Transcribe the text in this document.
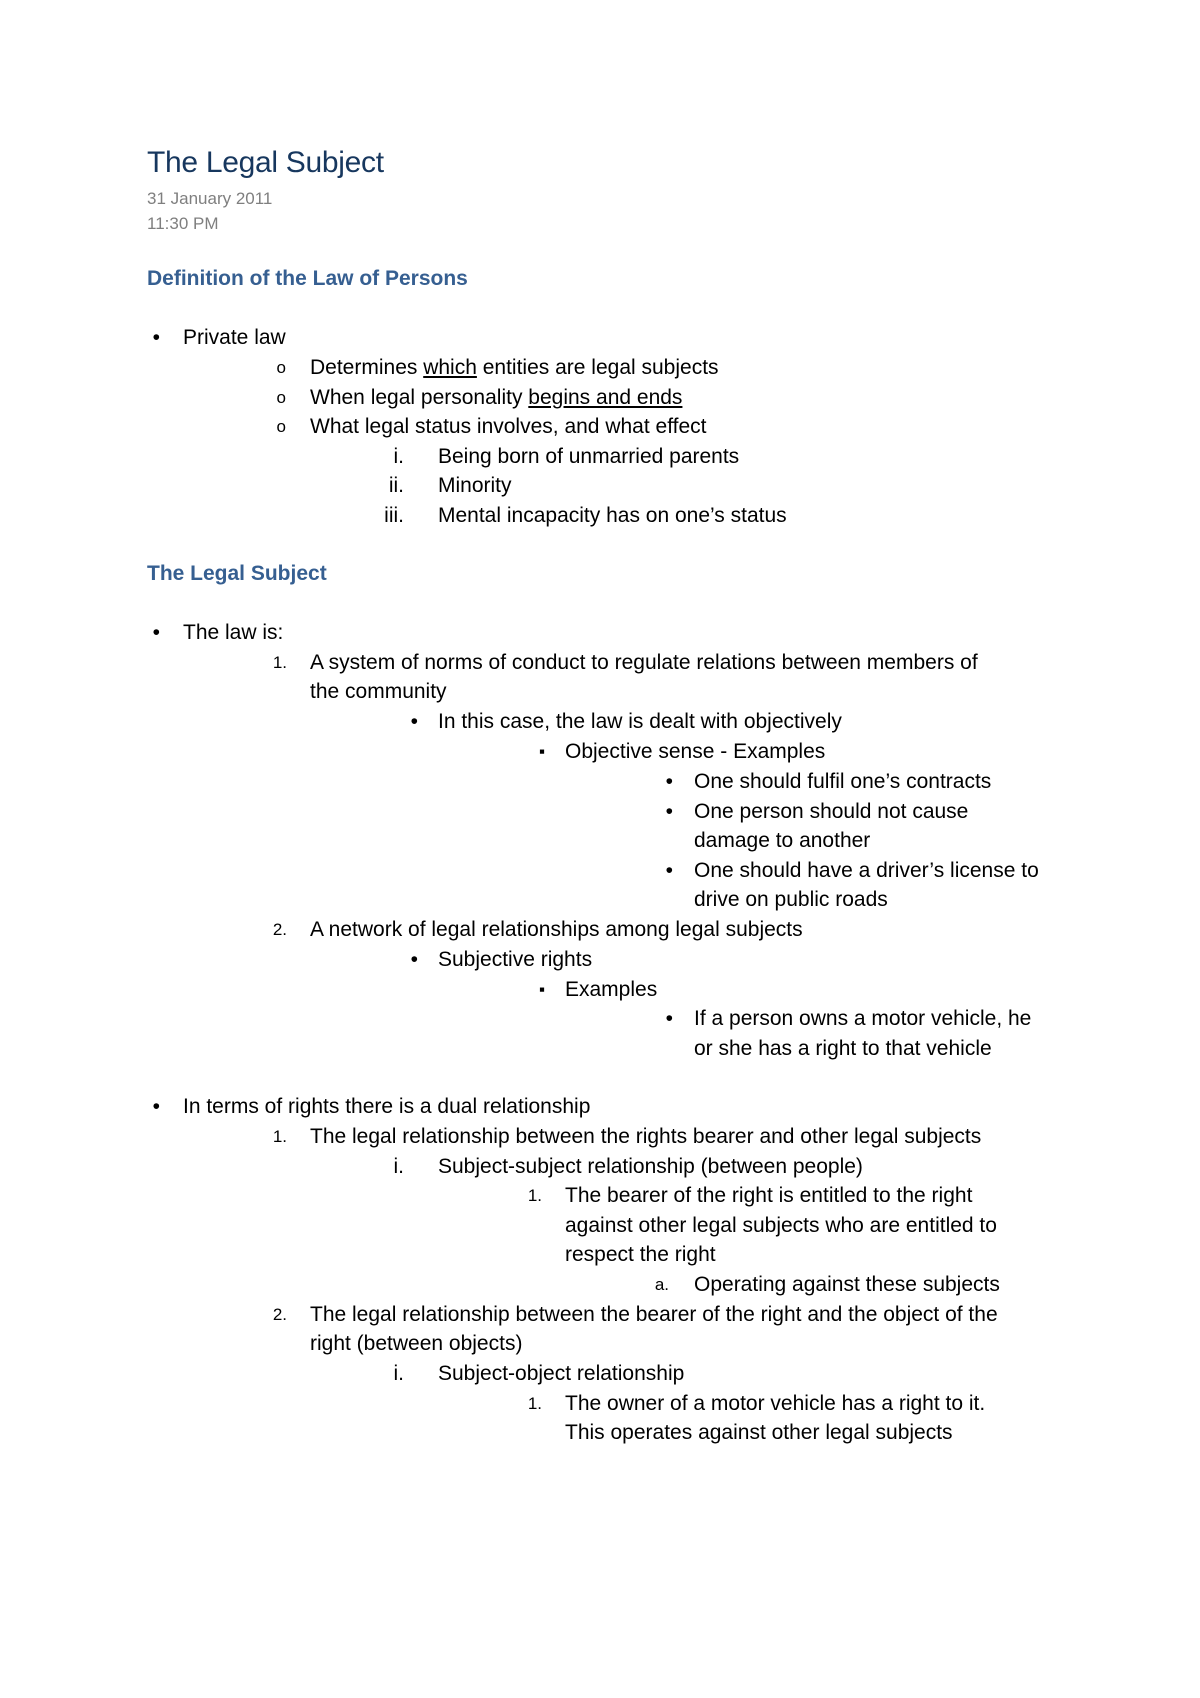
The Legal Subject
31 January 2011
11:30 PM
Definition of the Law of Persons
• Private law
o Determines which entities are legal subjects
o When legal personality begins and ends
o What legal status involves, and what effect
i. Being born of unmarried parents
ii. Minority
iii. Mental incapacity has on one’s status
The Legal Subject
• The law is:
1. A system of norms of conduct to regulate relations between members of
the community
• In this case, the law is dealt with objectively
▪ Objective sense - Examples
• One should fulfil one’s contracts
• One person should not cause
damage to another
• One should have a driver’s license to
drive on public roads
2. A network of legal relationships among legal subjects
• Subjective rights
▪ Examples
• If a person owns a motor vehicle, he
or she has a right to that vehicle
• In terms of rights there is a dual relationship
1. The legal relationship between the rights bearer and other legal subjects
i. Subject-subject relationship (between people)
1. The bearer of the right is entitled to the right
against other legal subjects who are entitled to
respect the right
a. Operating against these subjects
2. The legal relationship between the bearer of the right and the object of the
right (between objects)
i. Subject-object relationship
1. The owner of a motor vehicle has a right to it.
This operates against other legal subjects
